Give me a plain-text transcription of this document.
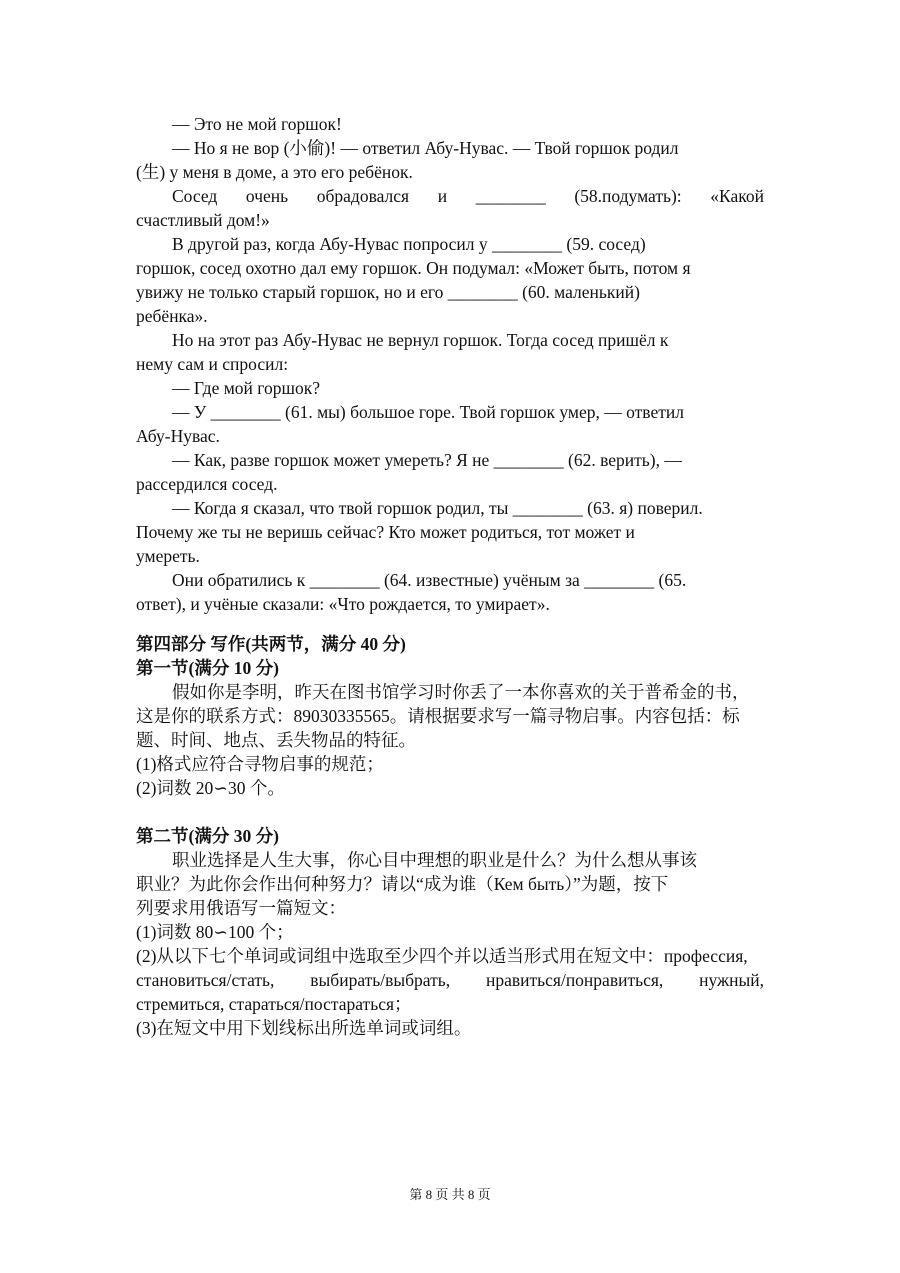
— Это не мой горшок!
— Но я не вор (小偷)! — ответил Абу-Нувас. — Твой горшок родил
(生) у меня в доме, а это его ребёнок.
Сосед очень обрадовался и ________ (58.подумать): «Какой
счастливый дом!»
В другой раз, когда Абу-Нувас попросил у ________ (59. сосед)
горшок, сосед охотно дал ему горшок. Он подумал: «Может быть, потом я
увижу не только старый горшок, но и его ________ (60. маленький)
ребёнка».
Но на этот раз Абу-Нувас не вернул горшок. Тогда сосед пришёл к
нему сам и спросил:
— Где мой горшок?
— У ________ (61. мы) большое горе. Твой горшок умер, — ответил
Абу-Нувас.
— Как, разве горшок может умереть? Я не ________ (62. верить), —
рассердился сосед.
— Когда я сказал, что твой горшок родил, ты ________ (63. я) поверил.
Почему же ты не веришь сейчас? Кто может родиться, тот может и
умереть.
Они обратились к ________ (64. известные) учёным за ________ (65.
ответ), и учёные сказали: «Что рождается, то умирает».
第四部分 写作(共两节，满分 40 分)
第一节(满分 10 分)
假如你是李明，昨天在图书馆学习时你丢了一本你喜欢的关于普希金的书，
这是你的联系方式：89030335565。请根据要求写一篇寻物启事。内容包括：标
题、时间、地点、丢失物品的特征。
(1)格式应符合寻物启事的规范；
(2)词数 20∽30 个。
第二节(满分 30 分)
职业选择是人生大事，你心目中理想的职业是什么？为什么想从事该
职业？为此你会作出何种努力？请以“成为谁（Кем быть）”为题，按下
列要求用俄语写一篇短文：
(1)词数 80∽100 个；
(2)从以下七个单词或词组中选取至少四个并以适当形式用在短文中：профессия,
становиться/стать, выбирать/выбрать, нравиться/понравиться, нужный,
стремиться, стараться/постараться；
(3)在短文中用下划线标出所选单词或词组。
第 8 页 共 8 页
